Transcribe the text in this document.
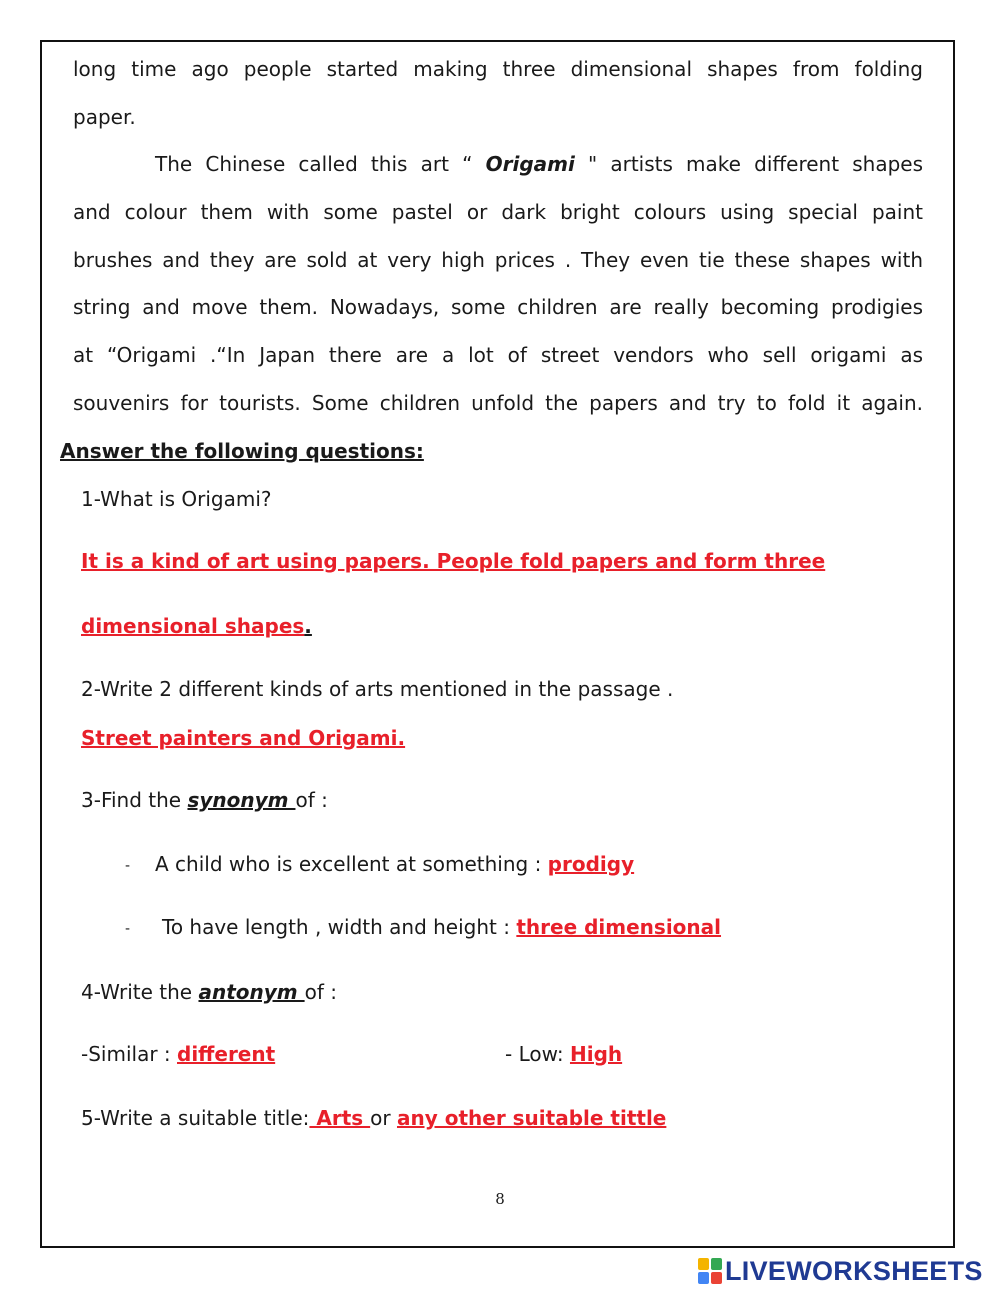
long time ago people started making three dimensional shapes from folding
paper.
The Chinese called this art “ Origami " artists make different shapes
and colour them with some pastel or dark bright colours using special paint
brushes and they are sold at very high prices . They even tie these shapes with
string and move them. Nowadays, some children are really becoming prodigies
at “Origami .“In Japan there are a lot of street vendors who sell origami as
souvenirs for tourists. Some children unfold the papers and try to fold it again.
Answer the following questions:
1-What is Origami?
It is a kind of art using papers. People fold papers and form three
dimensional shapes.
2-Write 2 different kinds of arts mentioned in the passage .
Street painters and Origami.
3-Find the synonym of :
- A child who is excellent at something : prodigy
- To have length , width and height : three dimensional
4-Write the antonym of :
-Similar : different	- Low: High
5-Write a suitable title: Arts or any other suitable tittle
8
LIVEWORKSHEETS
